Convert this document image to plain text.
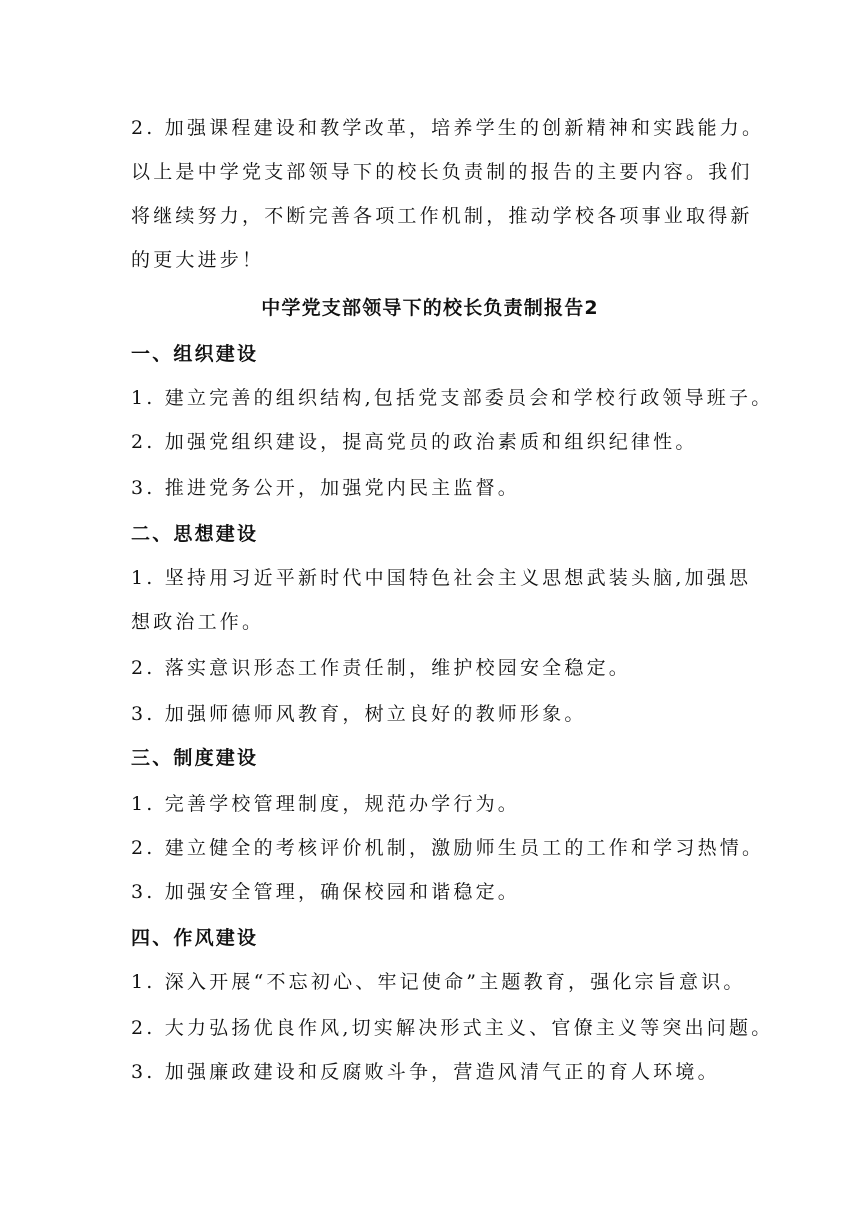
2. 加强课程建设和教学改革，培养学生的创新精神和实践能力。
以上是中学党支部领导下的校长负责制的报告的主要内容。我们
将继续努力，不断完善各项工作机制，推动学校各项事业取得新
的更大进步！
中学党支部领导下的校长负责制报告2
一、组织建设
1. 建立完善的组织结构,包括党支部委员会和学校行政领导班子。
2. 加强党组织建设，提高党员的政治素质和组织纪律性。
3. 推进党务公开，加强党内民主监督。
二、思想建设
1. 坚持用习近平新时代中国特色社会主义思想武装头脑,加强思
想政治工作。
2. 落实意识形态工作责任制，维护校园安全稳定。
3. 加强师德师风教育，树立良好的教师形象。
三、制度建设
1. 完善学校管理制度，规范办学行为。
2. 建立健全的考核评价机制，激励师生员工的工作和学习热情。
3. 加强安全管理，确保校园和谐稳定。
四、作风建设
1. 深入开展“不忘初心、牢记使命”主题教育，强化宗旨意识。
2. 大力弘扬优良作风,切实解决形式主义、官僚主义等突出问题。
3. 加强廉政建设和反腐败斗争，营造风清气正的育人环境。
